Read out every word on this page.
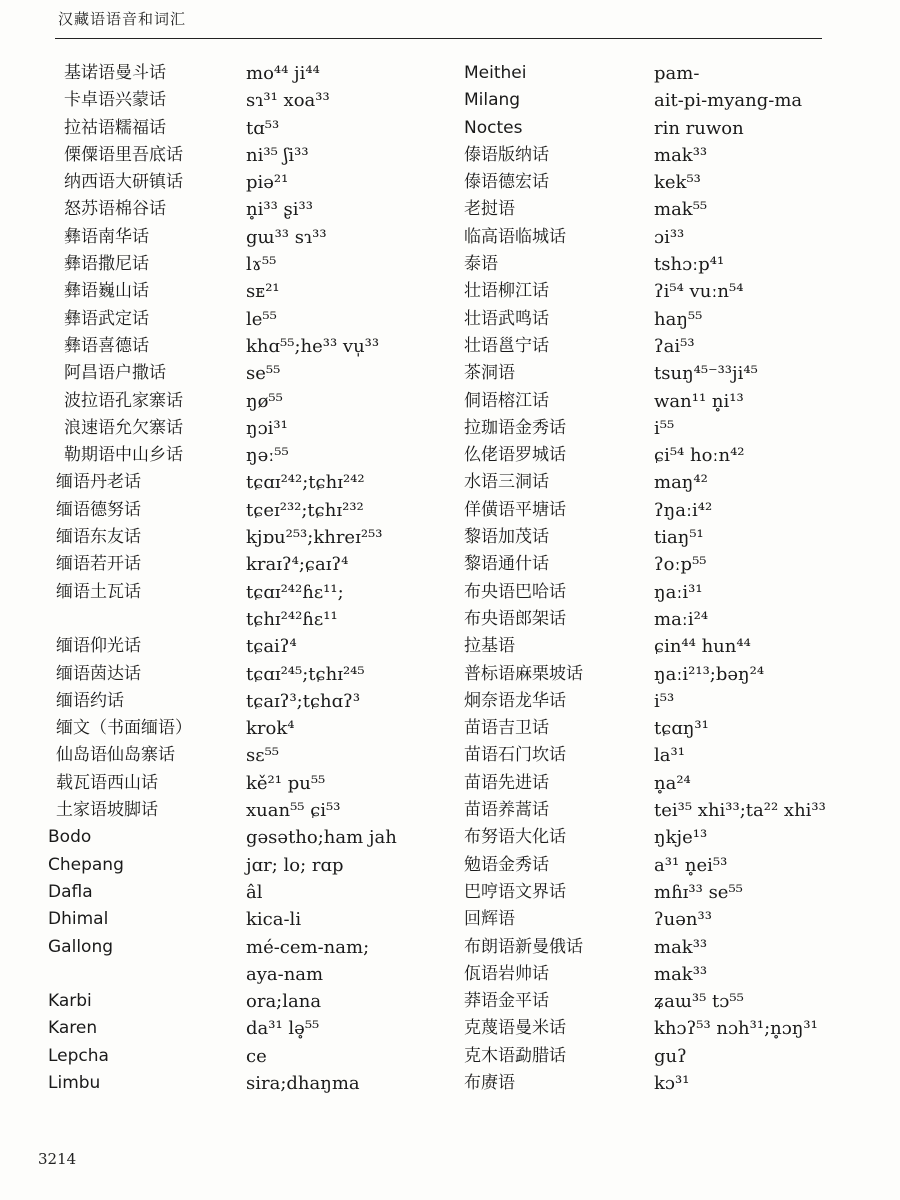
汉藏语语音和词汇
基诺语曼斗话
卡卓语兴蒙话
拉祜语糯福话
傈僳语里吾底话
纳西语大研镇话
怒苏语棉谷话
彝语南华话
彝语撒尼话
彝语巍山话
彝语武定话
彝语喜德话
阿昌语户撒话
波拉语孔家寨话
浪速语允欠寨话
勒期语中山乡话
缅语丹老话
缅语德努话
缅语东友话
缅语若开话
缅语土瓦话
缅语仰光话
缅语茵达话
缅语约话
缅文（书面缅语）
仙岛语仙岛寨话
载瓦语西山话
土家语坡脚话
Bodo
Chepang
Dafla
Dhimal
Gallong
Karbi
Karen
Lepcha
Limbu
mo⁴⁴ ji⁴⁴
sɿ³¹ xoa³³
tɑ⁵³
ni³⁵ ʃi³³
piə²¹
n̥i³³ ʂi³³
gɯ³³ sɿ³³
lɤ⁵⁵
sᴇ²¹
le⁵⁵
khɑ⁵⁵;he³³ vu̩³³
se⁵⁵
ŋø⁵⁵
ŋɔi³¹
ŋəː⁵⁵
tɕɑɪ²⁴²;tɕhɪ²⁴²
tɕeɪ²³²;tɕhɪ²³²
kjɒu²⁵³;khreɪ²⁵³
kraɪʔ⁴;ɕaɪʔ⁴
tɕɑɪ²⁴²ɦɛ¹¹;
tɕhɪ²⁴²ɦɛ¹¹
tɕaiʔ⁴
tɕɑɪ²⁴⁵;tɕhɪ²⁴⁵
tɕaɪʔ³;tɕhɑʔ³
krok⁴
sɛ⁵⁵
kě²¹ pu⁵⁵
xuan⁵⁵ ɕi⁵³
gəsətho;ham jah
jɑr; lo; rɑp
âl
kica-li
mé-cem-nam;
aya-nam
ora;lana
da³¹ lə̥⁵⁵
ce
sira;dhaŋma
Meithei
Milang
Noctes
傣语版纳话
傣语德宏话
老挝语
临高语临城话
泰语
壮语柳江话
壮语武鸣话
壮语邕宁话
茶洞语
侗语榕江话
拉珈语金秀话
仫佬语罗城话
水语三洞话
佯僙语平塘话
黎语加茂话
黎语通什话
布央语巴哈话
布央语郎架话
拉基语
普标语麻栗坡话
炯奈语龙华话
苗语吉卫话
苗语石门坎话
苗语先进话
苗语养蒿话
布努语大化话
勉语金秀话
巴哼语文界话
回辉语
布朗语新曼俄话
佤语岩帅话
莽语金平话
克蔑语曼米话
克木语勐腊话
布赓语
pam-
ait-pi-myang-ma
rin ruwon
mak³³
kek⁵³
mak⁵⁵
ɔi³³
tshɔːp⁴¹
ʔi⁵⁴ vuːn⁵⁴
haŋ⁵⁵
ʔai⁵³
tsuŋ⁴⁵⁻³³ji⁴⁵
wan¹¹ n̥i¹³
i⁵⁵
ɕi⁵⁴ hoːn⁴²
maŋ⁴²
ʔŋaːi⁴²
tiaŋ⁵¹
ʔoːp⁵⁵
ŋaːi³¹
maːi²⁴
ɕin⁴⁴ hun⁴⁴
ŋaːi²¹³;bəŋ²⁴
i⁵³
tɕɑŋ³¹
la³¹
n̥a²⁴
tei³⁵ xhi³³;ta²² xhi³³
ŋkje¹³
a³¹ n̥ei⁵³
mɦɪ³³ se⁵⁵
ʔuən³³
mak³³
mak³³
ʑaɯ³⁵ tɔ⁵⁵
khɔʔ⁵³ nɔh³¹;n̥ɔŋ³¹
guʔ
kɔ³¹
3214
